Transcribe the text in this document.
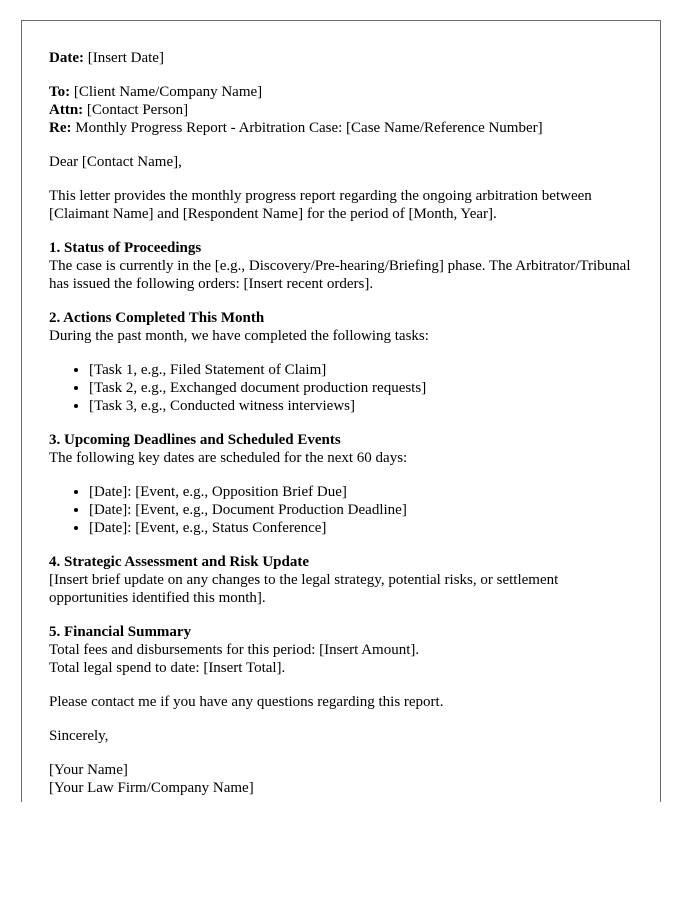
Date: [Insert Date]

To: [Client Name/Company Name]

Attn: [Contact Person]

Re: Monthly Progress Report - Arbitration Case: [Case Name/Reference Number]

Dear [Contact Name],

This letter provides the monthly progress report regarding the ongoing arbitration between [Claimant Name] and [Respondent Name] for the period of [Month, Year].

1. Status of Proceedings
The case is currently in the [e.g., Discovery/Pre-hearing/Briefing] phase. The Arbitrator/Tribunal has issued the following orders: [Insert recent orders].
2. Actions Completed This Month
During the past month, we have completed the following tasks:
• [Task 1, e.g., Filed Statement of Claim]
• [Task 2, e.g., Exchanged document production requests]
• [Task 3, e.g., Conducted witness interviews]
3. Upcoming Deadlines and Scheduled Events
The following key dates are scheduled for the next 60 days:
• [Date]: [Event, e.g., Opposition Brief Due]
• [Date]: [Event, e.g., Document Production Deadline]
• [Date]: [Event, e.g., Status Conference]
4. Strategic Assessment and Risk Update
[Insert brief update on any changes to the legal strategy, potential risks, or settlement opportunities identified this month].
5. Financial Summary
Total fees and disbursements for this period: [Insert Amount].
Total legal spend to date: [Insert Total].

Please contact me if you have any questions regarding this report.

Sincerely,

[Your Name]

[Your Law Firm/Company Name]
